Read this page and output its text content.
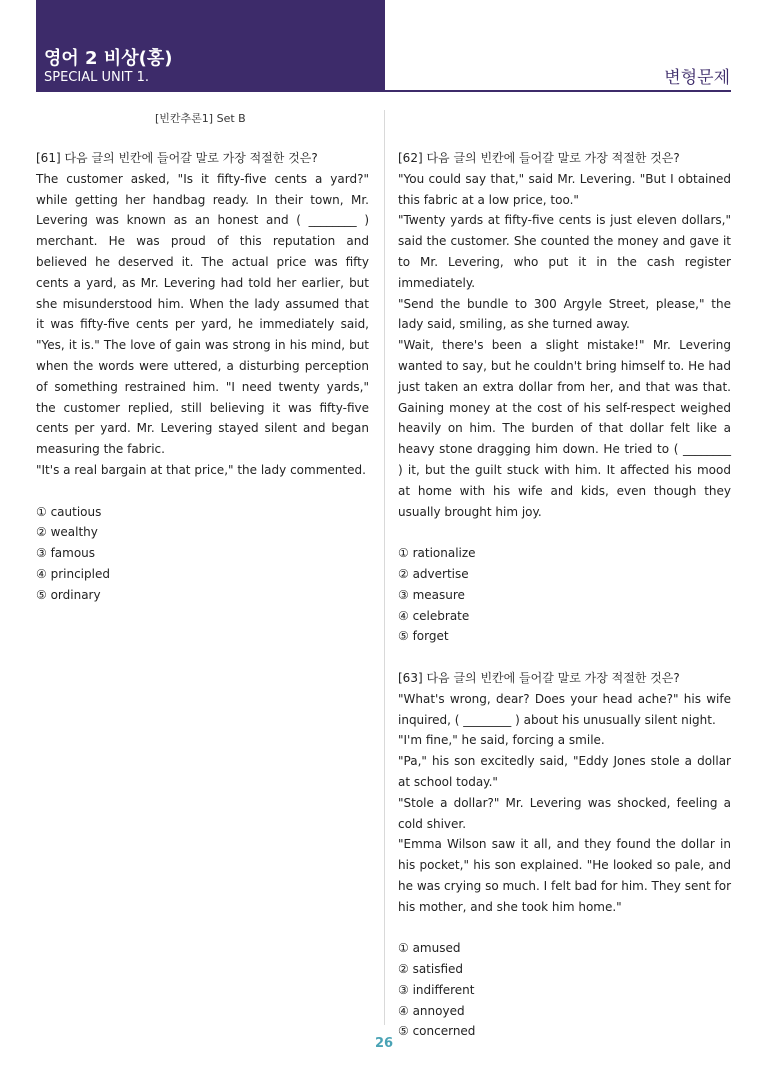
영어 2 비상(홍)
SPECIAL UNIT 1.	변형문제
[빈칸추론1] Set B

[61] 다음 글의 빈칸에 들어갈 말로 가장 적절한 것은?

The customer asked, "Is it fifty-five cents a yard?" while getting her handbag ready. In their town, Mr. Levering was known as an honest and ( ________ ) merchant. He was proud of this reputation and believed he deserved it. The actual price was fifty cents a yard, as Mr. Levering had told her earlier, but she misunderstood him. When the lady assumed that it was fifty-five cents per yard, he immediately said, "Yes, it is." The love of gain was strong in his mind, but when the words were uttered, a disturbing perception of something restrained him. "I need twenty yards," the customer replied, still believing it was fifty-five cents per yard. Mr. Levering stayed silent and began measuring the fabric.
"It's a real bargain at that price," the lady commented.
① cautious
② wealthy
③ famous
④ principled
⑤ ordinary

[62] 다음 글의 빈칸에 들어갈 말로 가장 적절한 것은?

"You could say that," said Mr. Levering. "But I obtained this fabric at a low price, too."
"Twenty yards at fifty-five cents is just eleven dollars," said the customer. She counted the money and gave it to Mr. Levering, who put it in the cash register immediately.
"Send the bundle to 300 Argyle Street, please," the lady said, smiling, as she turned away.
"Wait, there's been a slight mistake!" Mr. Levering wanted to say, but he couldn't bring himself to. He had just taken an extra dollar from her, and that was that. Gaining money at the cost of his self-respect weighed heavily on him. The burden of that dollar felt like a heavy stone dragging him down. He tried to ( ________ ) it, but the guilt stuck with him. It affected his mood at home with his wife and kids, even though they usually brought him joy.
① rationalize
② advertise
③ measure
④ celebrate
⑤ forget

[63] 다음 글의 빈칸에 들어갈 말로 가장 적절한 것은?

"What's wrong, dear? Does your head ache?" his wife inquired, ( ________ ) about his unusually silent night.
"I'm fine," he said, forcing a smile.
"Pa," his son excitedly said, "Eddy Jones stole a dollar at school today."
"Stole a dollar?" Mr. Levering was shocked, feeling a cold shiver.
"Emma Wilson saw it all, and they found the dollar in his pocket," his son explained. "He looked so pale, and he was crying so much. I felt bad for him. They sent for his mother, and she took him home."
① amused
② satisfied
③ indifferent
④ annoyed
⑤ concerned
26
